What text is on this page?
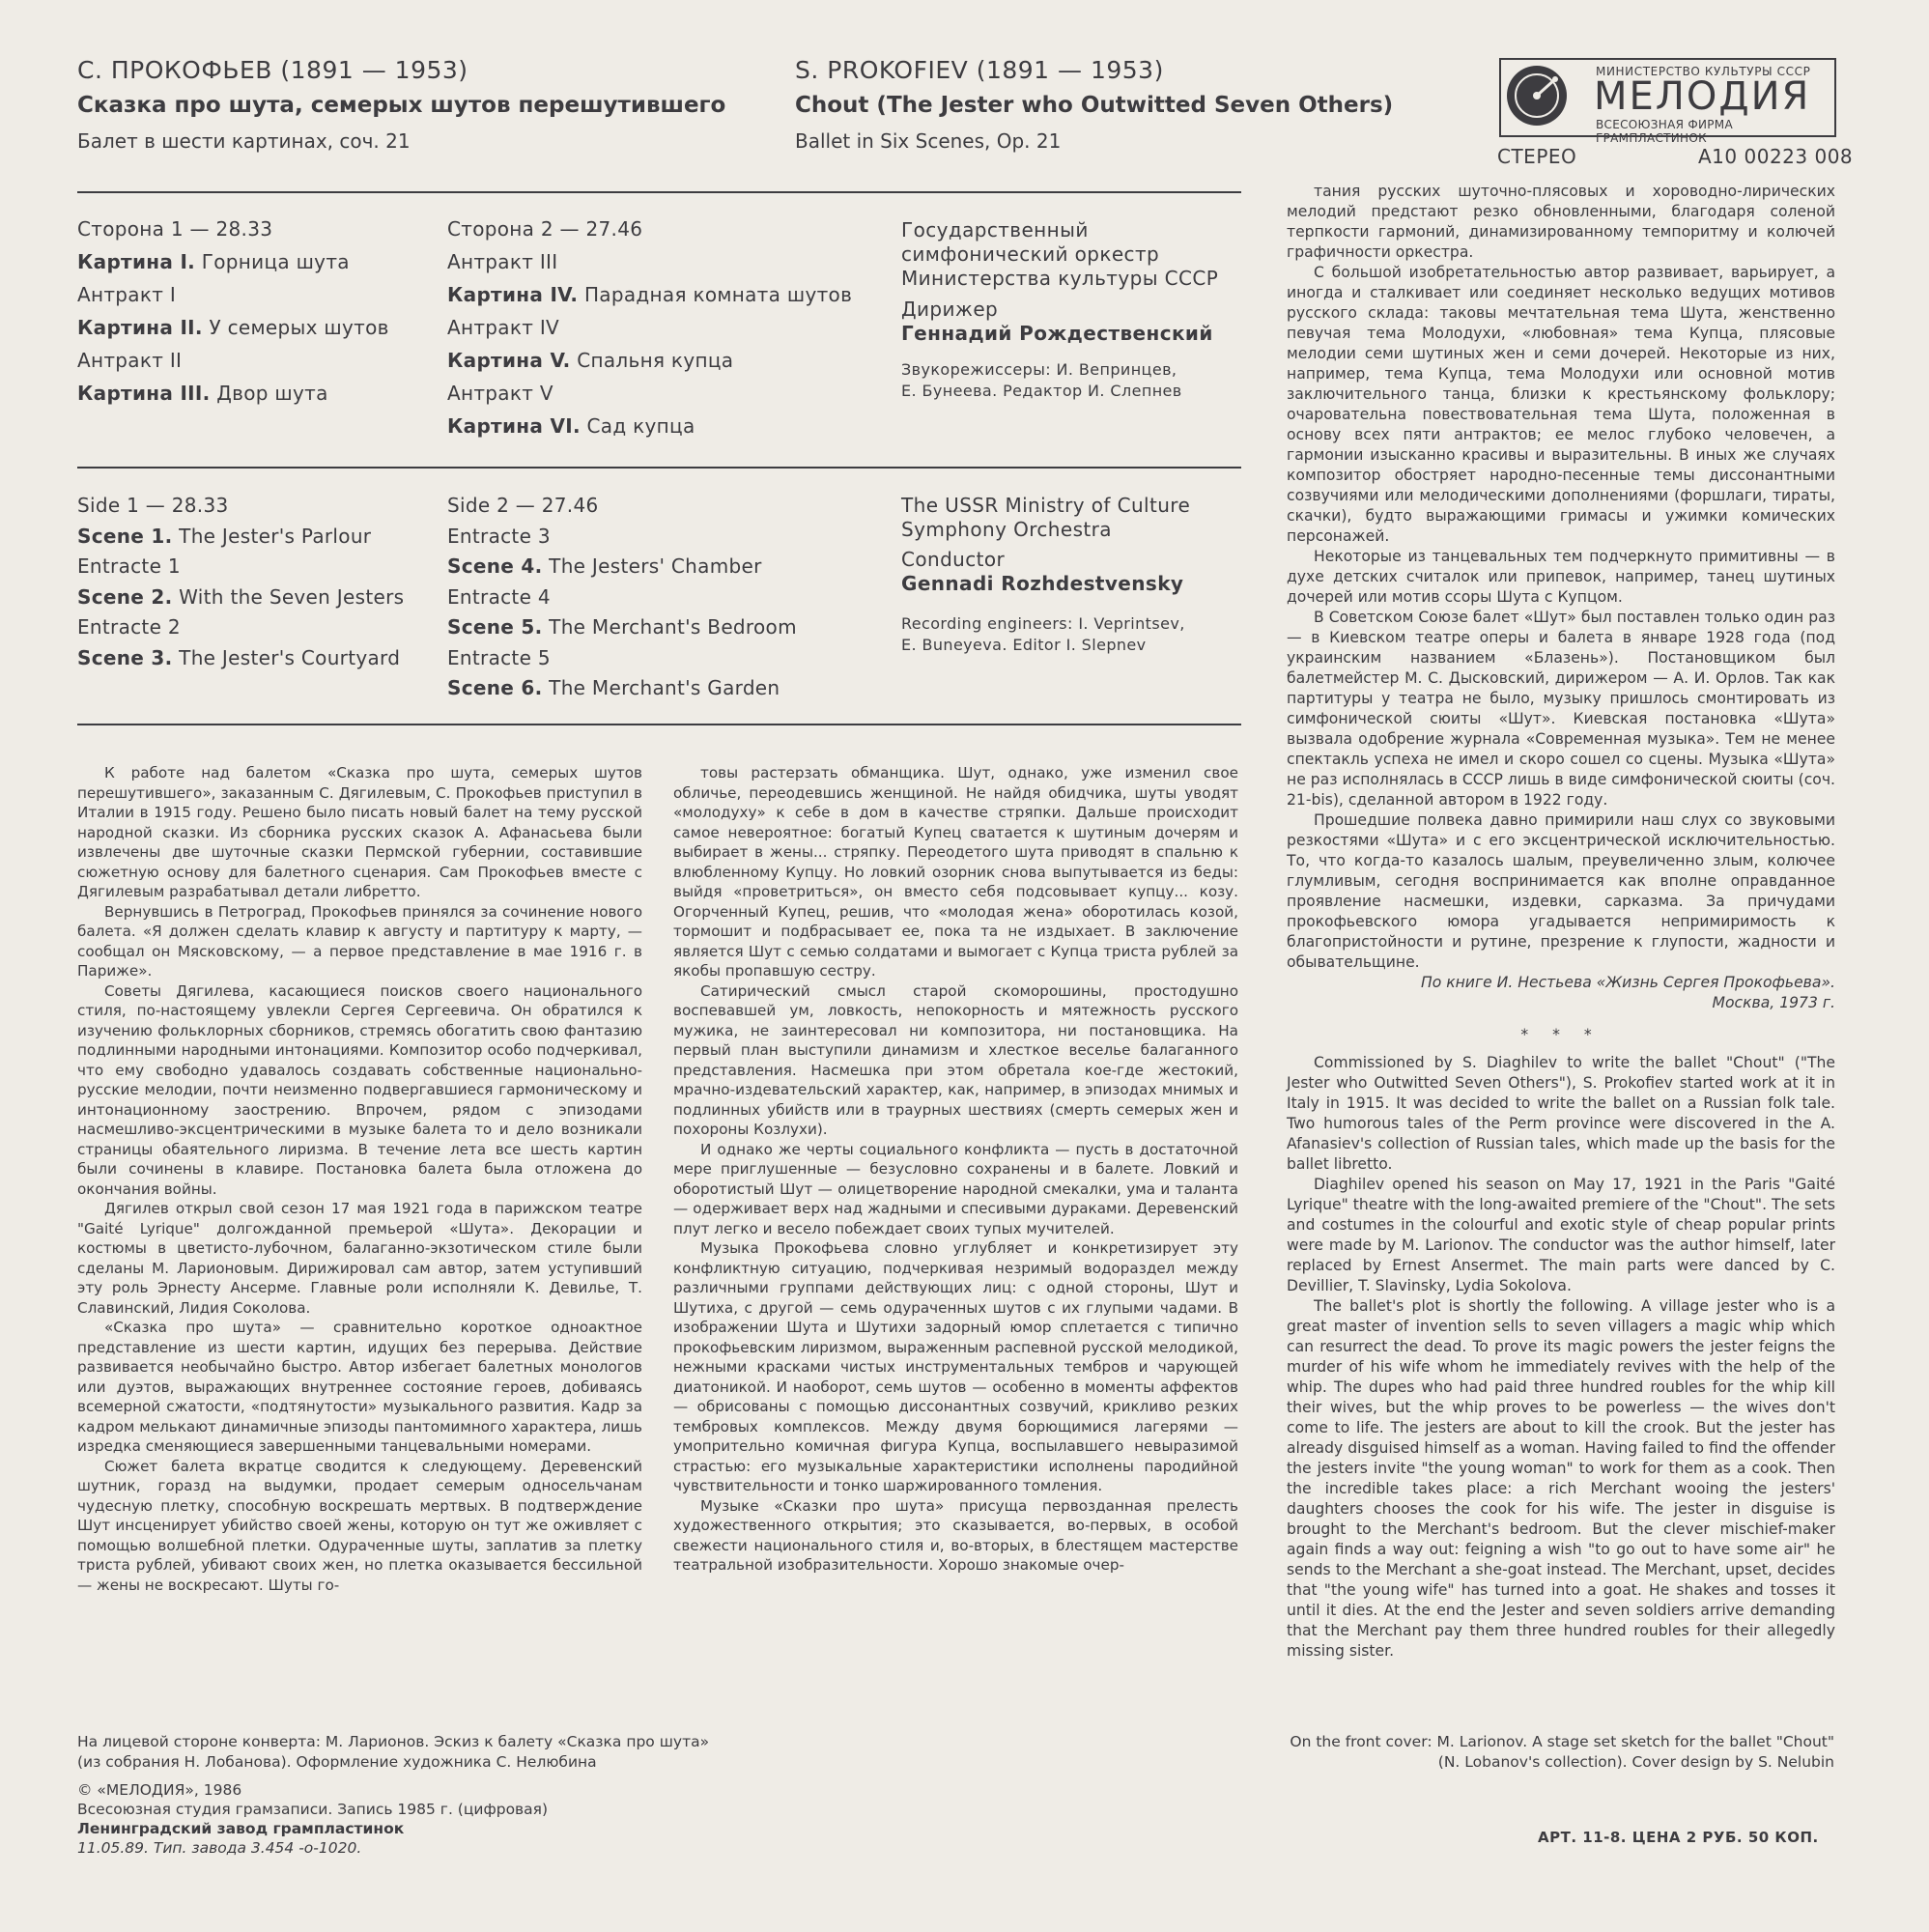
С. ПРОКОФЬЕВ (1891 — 1953)
Сказка про шута, семерых шутов перешутившего
Балет в шести картинах, соч. 21
S. PROKOFIEV (1891 — 1953)
Chout (The Jester who Outwitted Seven Others)
Ballet in Six Scenes, Op. 21
МИНИСТЕРСТВО КУЛЬТУРЫ СССР
МЕЛОДИЯ
ВСЕСОЮЗНАЯ ФИРМА ГРАМПЛАСТИНОК
СТЕРЕО	А10 00223 008
Сторона 1 — 28.33
Картина I. Горница шута
Антракт I
Картина II. У семерых шутов
Антракт II
Картина III. Двор шута
Сторона 2 — 27.46
Антракт III
Картина IV. Парадная комната шутов
Антракт IV
Картина V. Спальня купца
Антракт V
Картина VI. Сад купца
Государственный
симфонический оркестр
Министерства культуры СССР
Дирижер
Геннадий Рождественский
Звукорежиссеры: И. Вепринцев,
Е. Бунеева. Редактор И. Слепнев
Side 1 — 28.33
Scene 1. The Jester's Parlour
Entracte 1
Scene 2. With the Seven Jesters
Entracte 2
Scene 3. The Jester's Courtyard
Side 2 — 27.46
Entracte 3
Scene 4. The Jesters' Chamber
Entracte 4
Scene 5. The Merchant's Bedroom
Entracte 5
Scene 6. The Merchant's Garden
The USSR Ministry of Culture
Symphony Orchestra
Conductor
Gennadi Rozhdestvensky
Recording engineers: I. Veprintsev,
E. Buneyeva. Editor I. Slepnev

К работе над балетом «Сказка про шута, семерых шутов перешутившего», заказанным С. Дягилевым, С. Прокофьев приступил в Италии в 1915 году. Решено было писать новый балет на тему русской народной сказки. Из сборника русских сказок А. Афанасьева были извлечены две шуточные сказки Пермской губернии, составившие сюжетную основу для балетного сценария. Сам Прокофьев вместе с Дягилевым разрабатывал детали либретто.

Вернувшись в Петроград, Прокофьев принялся за сочинение нового балета. «Я должен сделать клавир к августу и партитуру к марту, — сообщал он Мясковскому, — а первое представление в мае 1916 г. в Париже».

Советы Дягилева, касающиеся поисков своего национального стиля, по-настоящему увлекли Сергея Сергеевича. Он обратился к изучению фольклорных сборников, стремясь обогатить свою фантазию подлинными народными интонациями. Композитор особо подчеркивал, что ему свободно удавалось создавать собственные национально-русские мелодии, почти неизменно подвергавшиеся гармоническому и интонационному заострению. Впрочем, рядом с эпизодами насмешливо-эксцентрическими в музыке балета то и дело возникали страницы обаятельного лиризма. В течение лета все шесть картин были сочинены в клавире. Постановка балета была отложена до окончания войны.

Дягилев открыл свой сезон 17 мая 1921 года в парижском театре "Gaité Lyrique" долгожданной премьерой «Шута». Декорации и костюмы в цветисто-лубочном, балаганно-экзотическом стиле были сделаны М. Ларионовым. Дирижировал сам автор, затем уступивший эту роль Эрнесту Ансерме. Главные роли исполняли К. Девилье, Т. Славинский, Лидия Соколова.

«Сказка про шута» — сравнительно короткое одноактное представление из шести картин, идущих без перерыва. Действие развивается необычайно быстро. Автор избегает балетных монологов или дуэтов, выражающих внутреннее состояние героев, добиваясь всемерной сжатости, «подтянутости» музыкального развития. Кадр за кадром мелькают динамичные эпизоды пантомимного характера, лишь изредка сменяющиеся завершенными танцевальными номерами.

Сюжет балета вкратце сводится к следующему. Деревенский шутник, горазд на выдумки, продает семерым односельчанам чудесную плетку, способную воскрешать мертвых. В подтверждение Шут инсценирует убийство своей жены, которую он тут же оживляет с помощью волшебной плетки. Одураченные шуты, заплатив за плетку триста рублей, убивают своих жен, но плетка оказывается бессильной — жены не воскресают. Шуты го-

товы растерзать обманщика. Шут, однако, уже изменил свое обличье, переодевшись женщиной. Не найдя обидчика, шуты уводят «молодуху» к себе в дом в качестве стряпки. Дальше происходит самое невероятное: богатый Купец сватается к шутиным дочерям и выбирает в жены... стряпку. Переодетого шута приводят в спальню к влюбленному Купцу. Но ловкий озорник снова выпутывается из беды: выйдя «проветриться», он вместо себя подсовывает купцу... козу. Огорченный Купец, решив, что «молодая жена» оборотилась козой, тормошит и подбрасывает ее, пока та не издыхает. В заключение является Шут с семью солдатами и вымогает с Купца триста рублей за якобы пропавшую сестру.

Сатирический смысл старой скоморошины, простодушно воспевавшей ум, ловкость, непокорность и мятежность русского мужика, не заинтересовал ни композитора, ни постановщика. На первый план выступили динамизм и хлесткое веселье балаганного представления. Насмешка при этом обретала кое-где жестокий, мрачно-издевательский характер, как, например, в эпизодах мнимых и подлинных убийств или в траурных шествиях (смерть семерых жен и похороны Козлухи).

И однако же черты социального конфликта — пусть в достаточной мере приглушенные — безусловно сохранены и в балете. Ловкий и оборотистый Шут — олицетворение народной смекалки, ума и таланта — одерживает верх над жадными и спесивыми дураками. Деревенский плут легко и весело побеждает своих тупых мучителей.

Музыка Прокофьева словно углубляет и конкретизирует эту конфликтную ситуацию, подчеркивая незримый водораздел между различными группами действующих лиц: с одной стороны, Шут и Шутиха, с другой — семь одураченных шутов с их глупыми чадами. В изображении Шута и Шутихи задорный юмор сплетается с типично прокофьевским лиризмом, выраженным распевной русской мелодикой, нежными красками чистых инструментальных тембров и чарующей диатоникой. И наоборот, семь шутов — особенно в моменты аффектов — обрисованы с помощью диссонантных созвучий, крикливо резких тембровых комплексов. Между двумя борющимися лагерями — умопрительно комичная фигура Купца, воспылавшего невыразимой страстью: его музыкальные характеристики исполнены пародийной чувствительности и тонко шаржированного томления.

Музыке «Сказки про шута» присуща первозданная прелесть художественного открытия; это сказывается, во-первых, в особой свежести национального стиля и, во-вторых, в блестящем мастерстве театральной изобразительности. Хорошо знакомые очер-

тания русских шуточно-плясовых и хороводно-лирических мелодий предстают резко обновленными, благодаря соленой терпкости гармоний, динамизированному темпоритму и колючей графичности оркестра.

С большой изобретательностью автор развивает, варьирует, а иногда и сталкивает или соединяет несколько ведущих мотивов русского склада: таковы мечтательная тема Шута, женственно певучая тема Молодухи, «любовная» тема Купца, плясовые мелодии семи шутиных жен и семи дочерей. Некоторые из них, например, тема Купца, тема Молодухи или основной мотив заключительного танца, близки к крестьянскому фольклору; очаровательна повествовательная тема Шута, положенная в основу всех пяти антрактов; ее мелос глубоко человечен, а гармонии изысканно красивы и выразительны. В иных же случаях композитор обостряет народно-песенные темы диссонантными созвучиями или мелодическими дополнениями (форшлаги, тираты, скачки), будто выражающими гримасы и ужимки комических персонажей.

Некоторые из танцевальных тем подчеркнуто примитивны — в духе детских считалок или припевок, например, танец шутиных дочерей или мотив ссоры Шута с Купцом.

В Советском Союзе балет «Шут» был поставлен только один раз — в Киевском театре оперы и балета в январе 1928 года (под украинским названием «Блазень»). Постановщиком был балетмейстер М. С. Дысковский, дирижером — А. И. Орлов. Так как партитуры у театра не было, музыку пришлось смонтировать из симфонической сюиты «Шут». Киевская постановка «Шута» вызвала одобрение журнала «Современная музыка». Тем не менее спектакль успеха не имел и скоро сошел со сцены. Музыка «Шута» не раз исполнялась в СССР лишь в виде симфонической сюиты (соч. 21-bis), сделанной автором в 1922 году.

Прошедшие полвека давно примирили наш слух со звуковыми резкостями «Шута» и с его эксцентрической исключительностью. То, что когда-то казалось шалым, преувеличенно злым, колючее глумливым, сегодня воспринимается как вполне оправданное проявление насмешки, издевки, сарказма. За причудами прокофьевского юмора угадывается непримиримость к благопристойности и рутине, презрение к глупости, жадности и обывательщине.

По книге И. Нестьева «Жизнь Сергея Прокофьева».

Москва, 1973 г.

* * *

Commissioned by S. Diaghilev to write the ballet "Chout" ("The Jester who Outwitted Seven Others"), S. Prokofiev started work at it in Italy in 1915. It was decided to write the ballet on a Russian folk tale. Two humorous tales of the Perm province were discovered in the A. Afanasiev's collection of Russian tales, which made up the basis for the ballet libretto.

Diaghilev opened his season on May 17, 1921 in the Paris "Gaité Lyrique" theatre with the long-awaited premiere of the "Chout". The sets and costumes in the colourful and exotic style of cheap popular prints were made by M. Larionov. The conductor was the author himself, later replaced by Ernest Ansermet. The main parts were danced by C. Devillier, T. Slavinsky, Lydia Sokolova.

The ballet's plot is shortly the following. A village jester who is a great master of invention sells to seven villagers a magic whip which can resurrect the dead. To prove its magic powers the jester feigns the murder of his wife whom he immediately revives with the help of the whip. The dupes who had paid three hundred roubles for the whip kill their wives, but the whip proves to be powerless — the wives don't come to life. The jesters are about to kill the crook. But the jester has already disguised himself as a woman. Having failed to find the offender the jesters invite "the young woman" to work for them as a cook. Then the incredible takes place: a rich Merchant wooing the jesters' daughters chooses the cook for his wife. The jester in disguise is brought to the Merchant's bedroom. But the clever mischief-maker again finds a way out: feigning a wish "to go out to have some air" he sends to the Merchant a she-goat instead. The Merchant, upset, decides that "the young wife" has turned into a goat. He shakes and tosses it until it dies. At the end the Jester and seven soldiers arrive demanding that the Merchant pay them three hundred roubles for their allegedly missing sister.

На лицевой стороне конверта: М. Ларионов. Эскиз к балету «Сказка про шута»
(из собрания Н. Лобанова). Оформление художника С. Нелюбина
On the front cover: M. Larionov. A stage set sketch for the ballet "Chout"
(N. Lobanov's collection). Cover design by S. Nelubin
© «МЕЛОДИЯ», 1986
Всесоюзная студия грамзаписи. Запись 1985 г. (цифровая)
Ленинградский завод грампластинок
11.05.89. Тип. завода 3.454 -о-1020.
АРТ. 11-8. ЦЕНА 2 РУБ. 50 КОП.
